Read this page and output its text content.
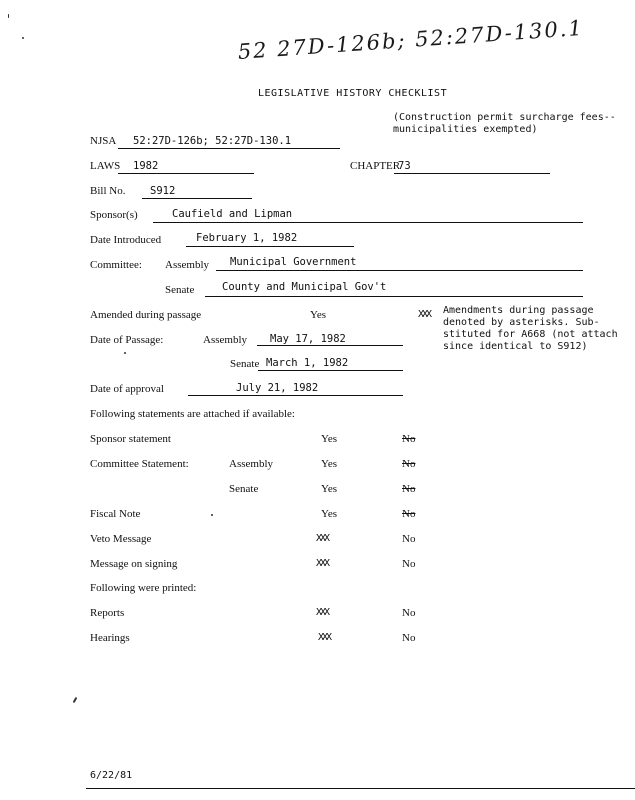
52 27D-126b; 52:27D-130.1
LEGISLATIVE HISTORY CHECKLIST
(Construction permit surcharge fees--
municipalities exempted)
NJSA 52:27D-126b; 52:27D-130.1
LAWS 1982	CHAPTER
73
Bill No. S912
Sponsor(s)	Caufield and Lipman
Date Introduced	February 1, 1982
Committee: Assembly Municipal Government
Senate	County and Municipal Gov't
Amended during passage	Yes	XXX Amendments during passage
denoted by asterisks. Sub-
stituted for A668 (not attach
since identical to S912)
Date of Passage:	Assembly May 17, 1982
Senate March 1, 1982
Date of approval	July 21, 1982
Following statements are attached if available:
Sponsor statement	Yes	No
Committee Statement:	Assembly	Yes	No
Senate	Yes	No
Fiscal Note	Yes	No
Veto Message	XXX	No
Message on signing	XXX	No
Following were printed:
Reports	XXX	No
Hearings	XXX	No
6/22/81
